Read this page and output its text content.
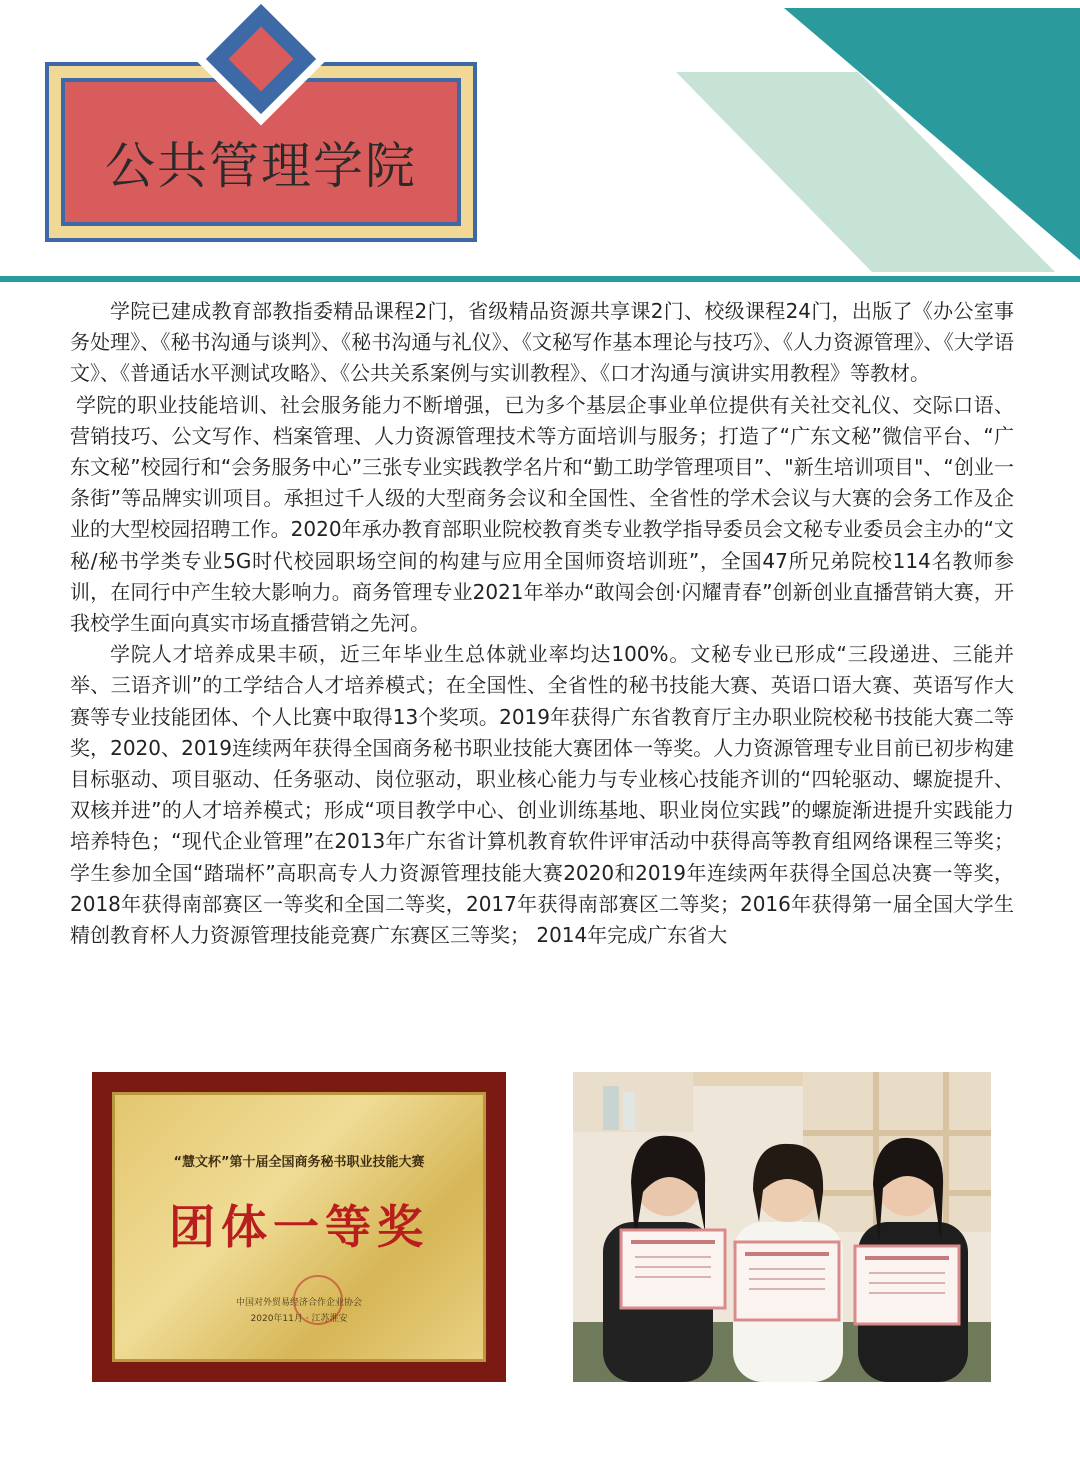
公共管理学院

学院已建成教育部教指委精品课程2门，省级精品资源共享课2门、校级课程24门，出版了《办公室事务处理》、《秘书沟通与谈判》、《秘书沟通与礼仪》、《文秘写作基本理论与技巧》、《人力资源管理》、《大学语文》、《普通话水平测试攻略》、《公共关系案例与实训教程》、《口才沟通与演讲实用教程》等教材。

学院的职业技能培训、社会服务能力不断增强，已为多个基层企事业单位提供有关社交礼仪、交际口语、营销技巧、公文写作、档案管理、人力资源管理技术等方面培训与服务；打造了“广东文秘”微信平台、“广东文秘”校园行和“会务服务中心”三张专业实践教学名片和“勤工助学管理项目”、"新生培训项目"、“创业一条街”等品牌实训项目。承担过千人级的大型商务会议和全国性、全省性的学术会议与大赛的会务工作及企业的大型校园招聘工作。2020年承办教育部职业院校教育类专业教学指导委员会文秘专业委员会主办的“文秘/秘书学类专业5G时代校园职场空间的构建与应用全国师资培训班”，全国47所兄弟院校114名教师参训，在同行中产生较大影响力。商务管理专业2021年举办“敢闯会创·闪耀青春”创新创业直播营销大赛，开我校学生面向真实市场直播营销之先河。

学院人才培养成果丰硕，近三年毕业生总体就业率均达100%。文秘专业已形成“三段递进、三能并举、三语齐训”的工学结合人才培养模式；在全国性、全省性的秘书技能大赛、英语口语大赛、英语写作大赛等专业技能团体、个人比赛中取得13个奖项。2019年获得广东省教育厅主办职业院校秘书技能大赛二等奖，2020、2019连续两年获得全国商务秘书职业技能大赛团体一等奖。人力资源管理专业目前已初步构建目标驱动、项目驱动、任务驱动、岗位驱动，职业核心能力与专业核心技能齐训的“四轮驱动、螺旋提升、双核并进”的人才培养模式；形成“项目教学中心、创业训练基地、职业岗位实践”的螺旋渐进提升实践能力培养特色；“现代企业管理”在2013年广东省计算机教育软件评审活动中获得高等教育组网络课程三等奖；学生参加全国“踏瑞杯”高职高专人力资源管理技能大赛2020和2019年连续两年获得全国总决赛一等奖，2018年获得南部赛区一等奖和全国二等奖，2017年获得南部赛区二等奖；2016年获得第一届全国大学生精创教育杯人力资源管理技能竞赛广东赛区三等奖； 2014年完成广东省大

“慧文杯”第十届全国商务秘书职业技能大赛
团体一等奖
中国对外贸易经济合作企业协会
2020年11月 · 江苏淮安
